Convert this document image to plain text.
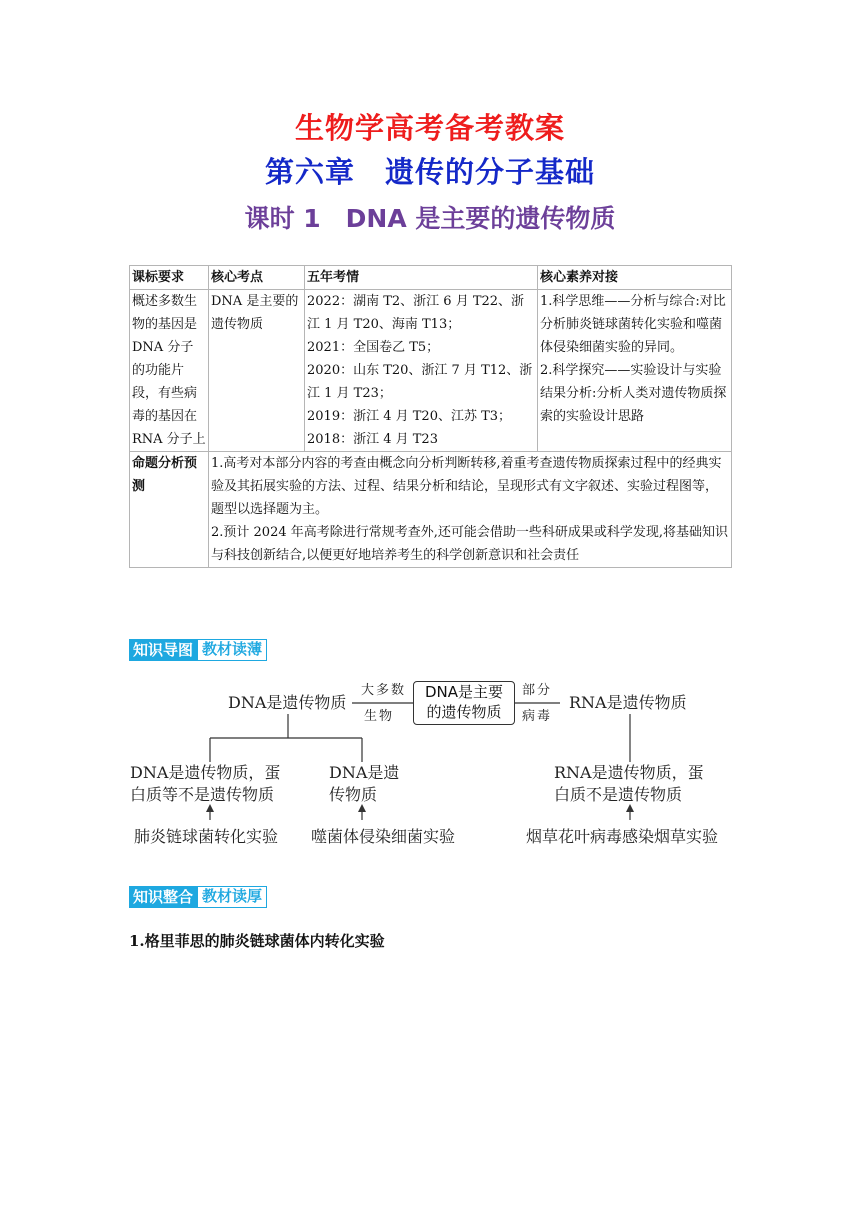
生物学高考备考教案
第六章　遗传的分子基础
课时 1　DNA 是主要的遗传物质
课标要求	核心考点	五年考情	核心素养对接
概述多数生物的基因是 DNA 分子的功能片段，有些病毒的基因在 RNA 分子上	DNA 是主要的遗传物质	2022：湖南 T2、浙江 6 月 T22、浙江 1 月 T20、海南 T13；
2021：全国卷乙 T5；
2020：山东 T20、浙江 7 月 T12、浙江 1 月 T23；
2019：浙江 4 月 T20、江苏 T3；
2018：浙江 4 月 T23	1.科学思维——分析与综合:对比分析肺炎链球菌转化实验和噬菌体侵染细菌实验的异同。
2.科学探究——实验设计与实验结果分析:分析人类对遗传物质探索的实验设计思路

命题分析预测	1.高考对本部分内容的考查由概念向分析判断转移,着重考查遗传物质探索过程中的经典实验及其拓展实验的方法、过程、结果分析和结论，呈现形式有文字叙述、实验过程图等，题型以选择题为主。
2.预计 2024 年高考除进行常规考查外,还可能会借助一些科研成果或科学发现,将基础知识与科技创新结合,以便更好地培养考生的科学创新意识和社会责任		
知识导图 教材读薄
DNA是遗传物质
大多数
生物
DNA是主要
的遗传物质
部分
病毒
RNA是遗传物质
DNA是遗传物质，蛋
白质等不是遗传物质
DNA是遗
传物质
RNA是遗传物质，蛋
白质不是遗传物质
肺炎链球菌转化实验 噬菌体侵染细菌实验	烟草花叶病毒感染烟草实验
知识整合 教材读厚
1.格里菲思的肺炎链球菌体内转化实验
